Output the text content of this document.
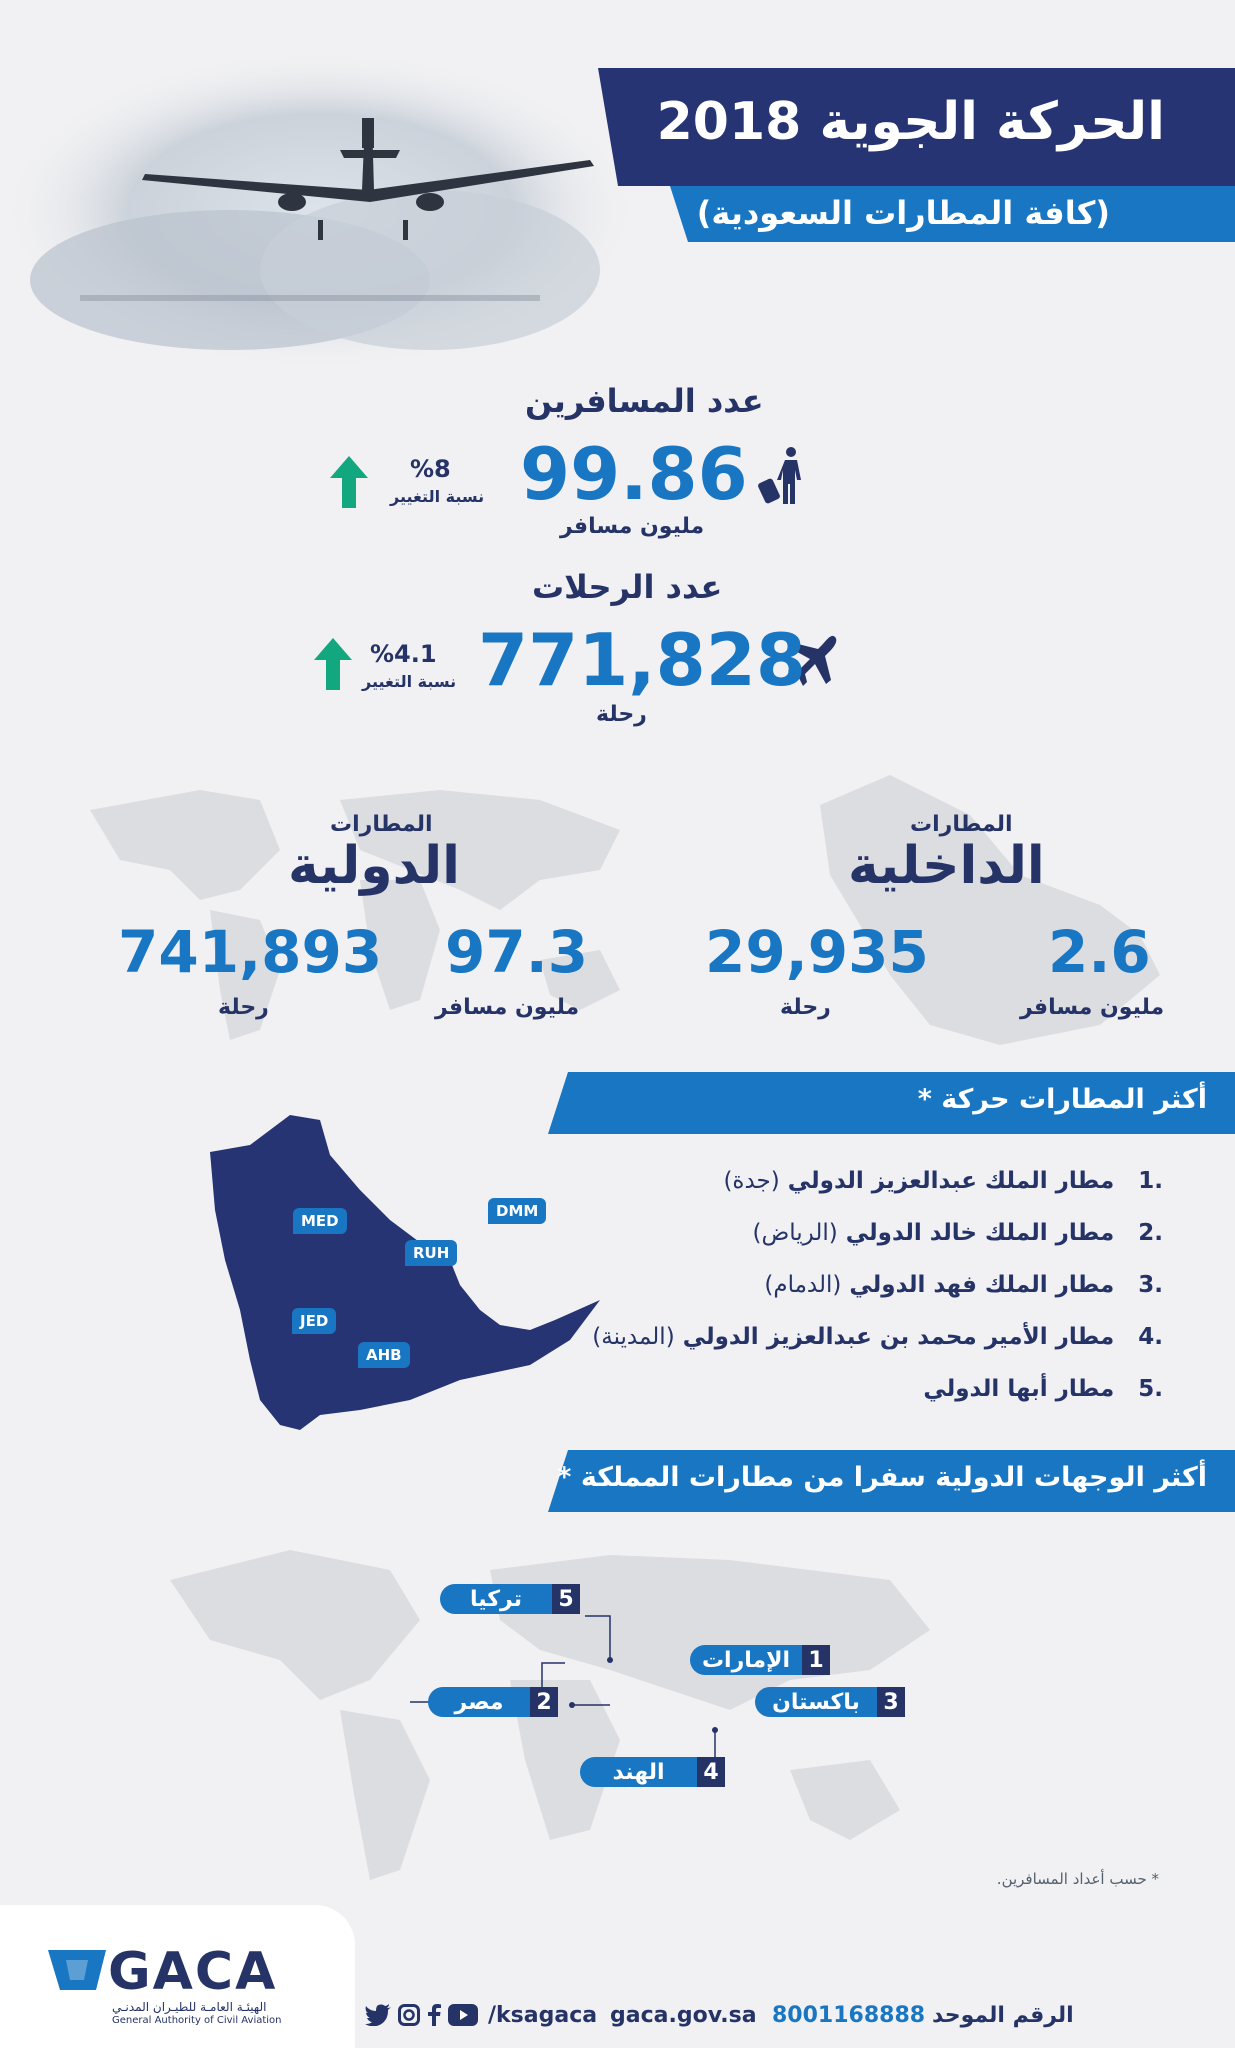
الحركة الجوية 2018
(كافة المطارات السعودية)
عدد المسافرين
99.86
مليون مسافر
%8
نسبة التغيير
عدد الرحلات
771,828
رحلة
%4.1
نسبة التغيير
المطارات
الدولية
97.3
مليون مسافر
741,893
رحلة
المطارات
الداخلية
2.6
مليون مسافر
29,935
رحلة
أكثر المطارات حركة *
MED
RUH
DMM
JED
AHB
.1   مطار الملك عبدالعزيز الدولي (جدة)
.2   مطار الملك خالد الدولي (الرياض)
.3   مطار الملك فهد الدولي (الدمام)
.4   مطار الأمير محمد بن عبدالعزيز الدولي (المدينة)
.5   مطار أبها الدولي
أكثر الوجهات الدولية سفرا من مطارات المملكة *
تركيا	5
الإمارات 1
مصر	2	باكستان	3
الهند	4
* حسب أعداد المسافرين.
GACA
الهيئـة العامـة للطيـران المدنـي
General Authority of Civil Aviation	/ksagaca gaca.gov.sa 8001168888 الرقم الموحد
